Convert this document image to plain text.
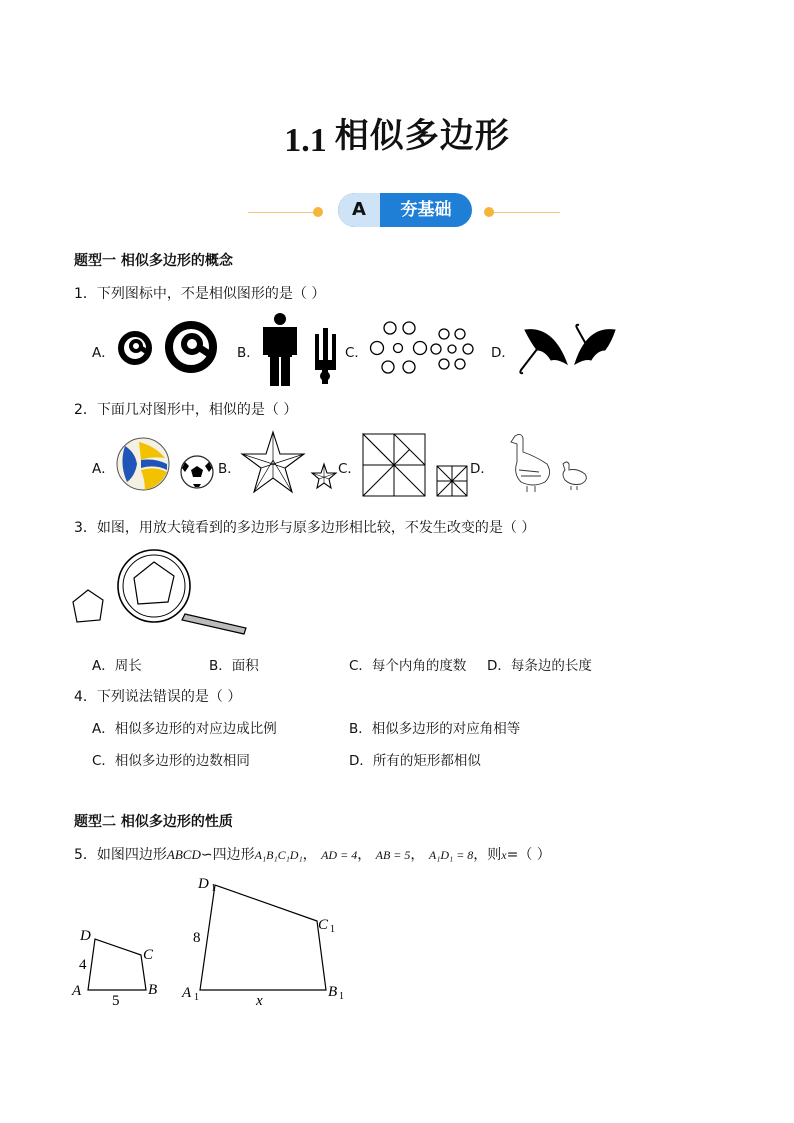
1.1 相似多边形
A	夯基础
题型一 相似多边形的概念
1．下列图标中，不是相似图形的是（ ）
A．	B．	C．	D．
2．下面几对图形中，相似的是（ ）
A．	B．	C．	D．
3．如图，用放大镜看到的多边形与原多边形相比较，不发生改变的是（ ）
A．周长	B．面积	C．每个内角的度数 D．每条边的长度
4．下列说法错误的是（ ）
A．相似多边形的对应边成比例	B．相似多边形的对应角相等
C．相似多边形的边数相同	D．所有的矩形都相似
题型二 相似多边形的性质
5．如图四边形ABCD∽四边形A₁B₁C₁D₁， AD = 4， AB = 5， A₁D₁ = 8，则x=（ ）
D
C
A	B
D
C
A	B
x
1
1
1	1
4
5
8
